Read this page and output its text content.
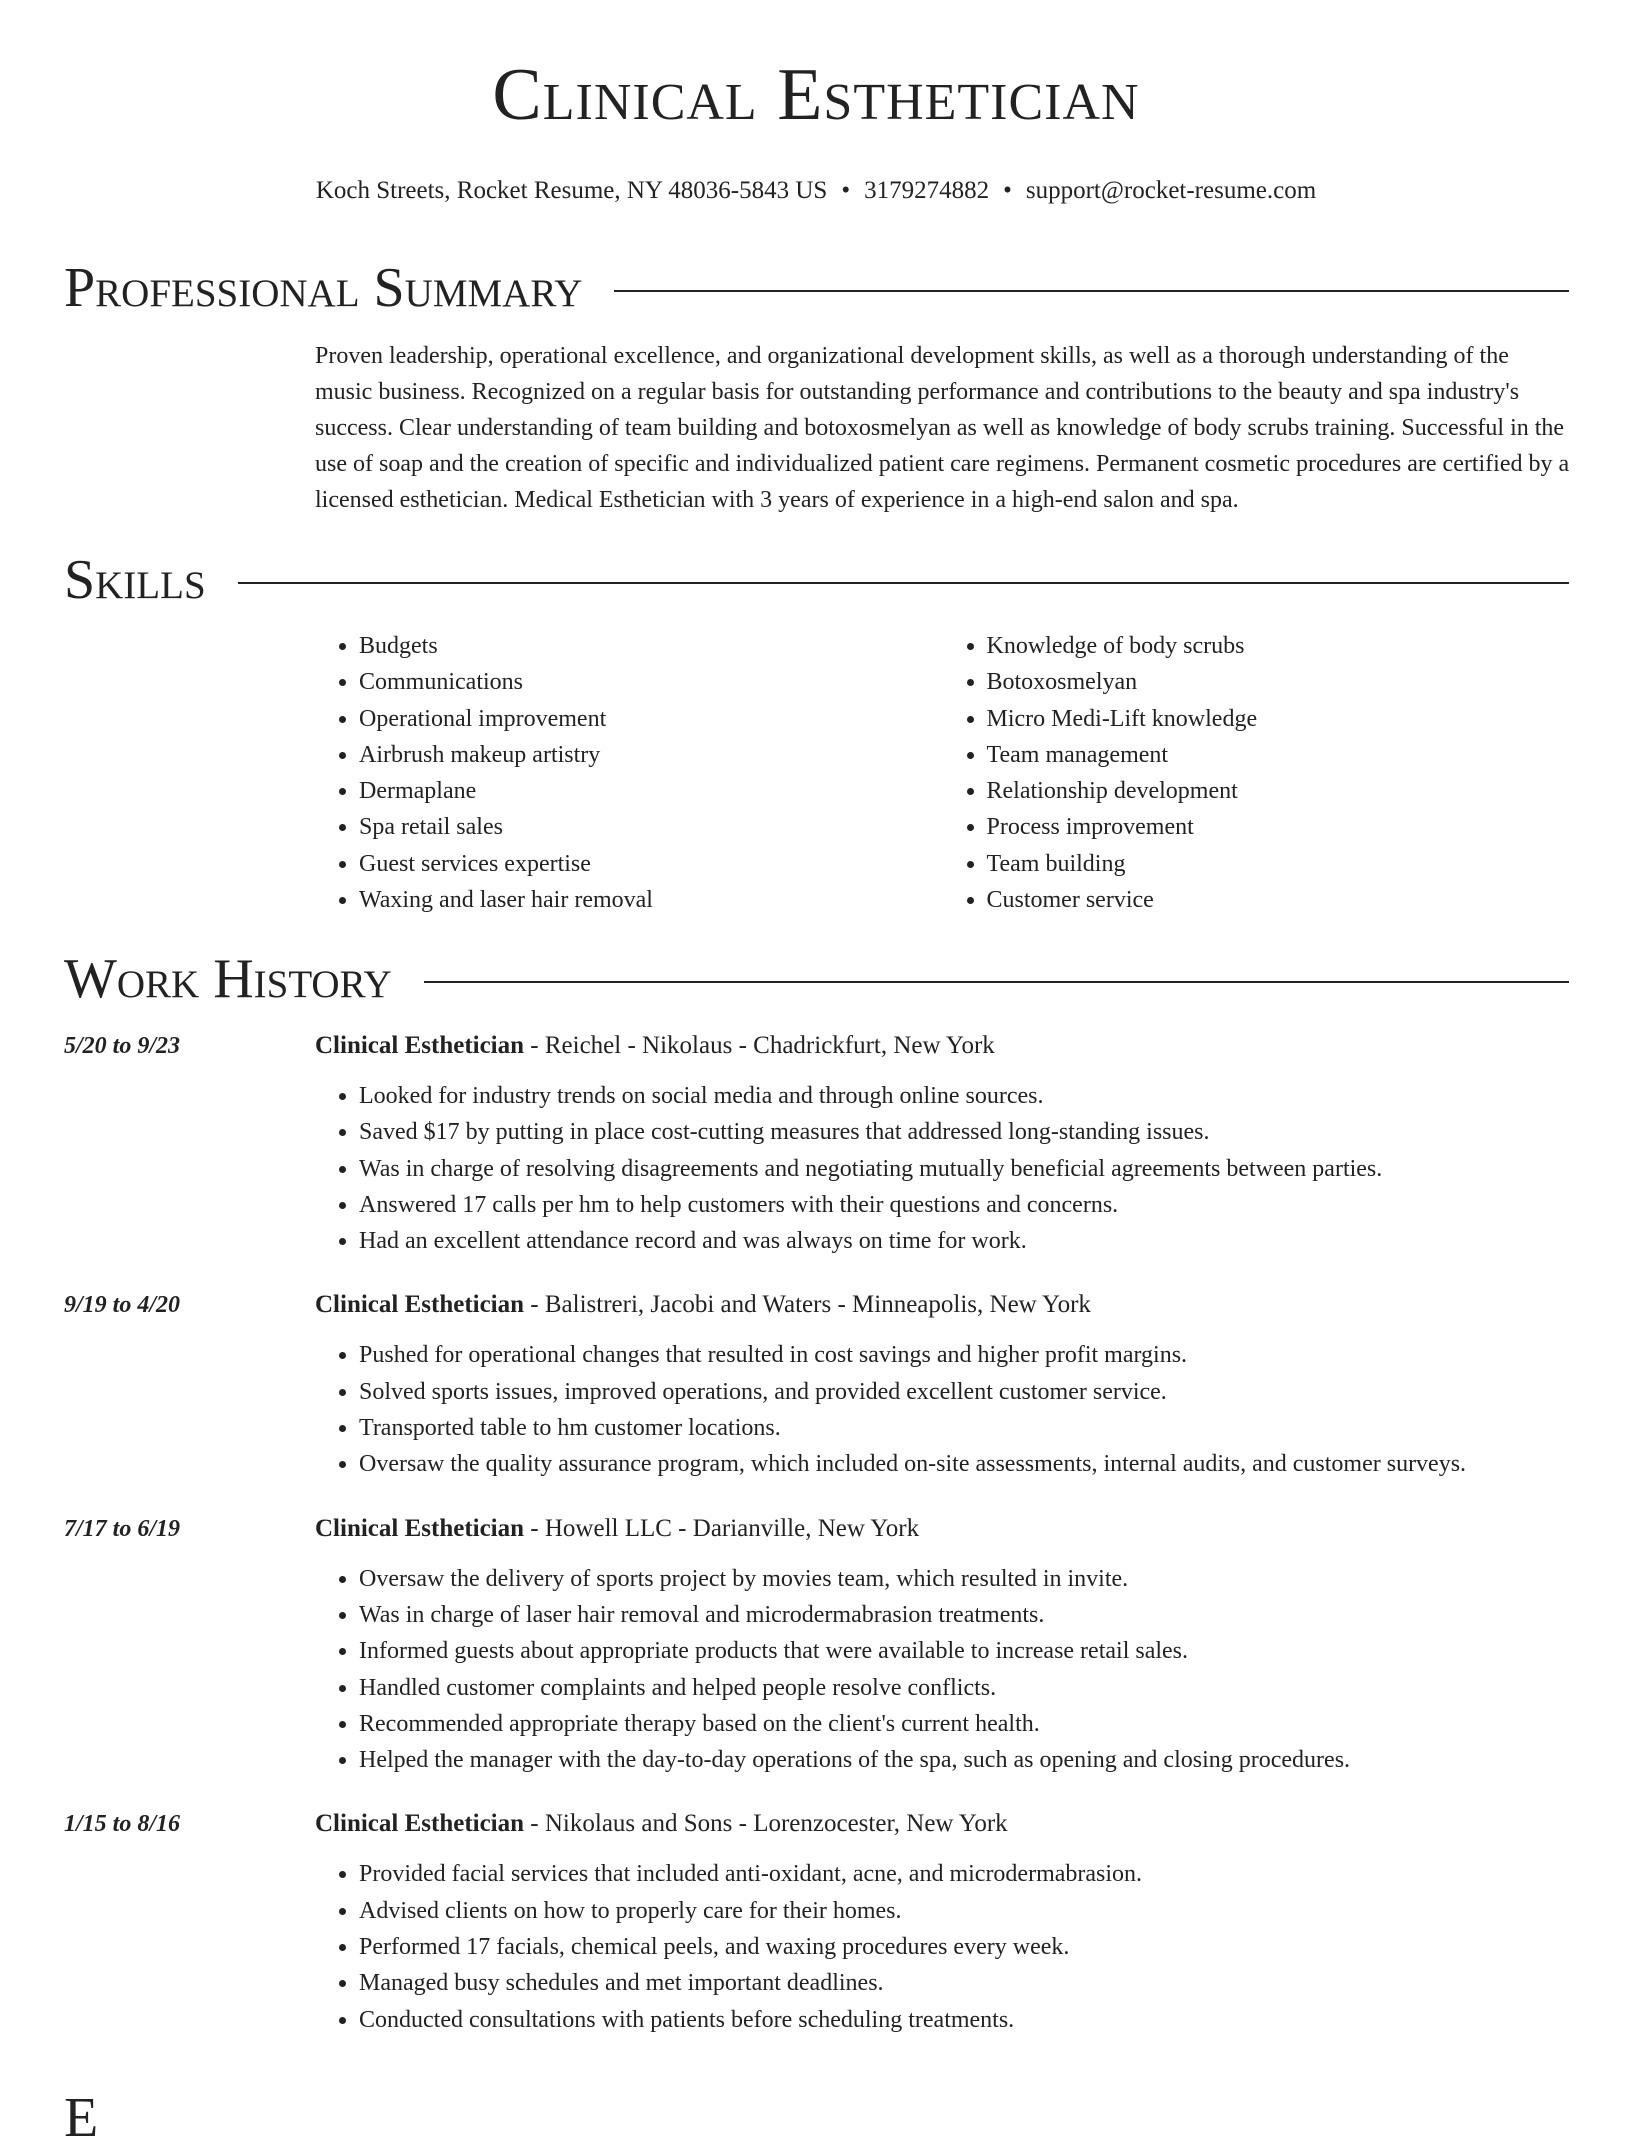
Clinical Esthetician
Koch Streets, Rocket Resume, NY 48036-5843 US • 3179274882 • support@rocket-resume.com
Professional Summary
Proven leadership, operational excellence, and organizational development skills, as well as a thorough understanding of the music business. Recognized on a regular basis for outstanding performance and contributions to the beauty and spa industry's success. Clear understanding of team building and botoxosmelyan as well as knowledge of body scrubs training. Successful in the use of soap and the creation of specific and individualized patient care regimens. Permanent cosmetic procedures are certified by a licensed esthetician. Medical Esthetician with 3 years of experience in a high-end salon and spa.
Skills
• Budgets
• Communications
• Operational improvement
• Airbrush makeup artistry
• Dermaplane
• Spa retail sales
• Guest services expertise
• Waxing and laser hair removal
• Knowledge of body scrubs
• Botoxosmelyan
• Micro Medi-Lift knowledge
• Team management
• Relationship development
• Process improvement
• Team building
• Customer service
Work History
5/20 to 9/23	Clinical Esthetician - Reichel - Nikolaus - Chadrickfurt, New York
• Looked for industry trends on social media and through online sources.
• Saved $17 by putting in place cost-cutting measures that addressed long-standing issues.
• Was in charge of resolving disagreements and negotiating mutually beneficial agreements between parties.
• Answered 17 calls per hm to help customers with their questions and concerns.
• Had an excellent attendance record and was always on time for work.
9/19 to 4/20	Clinical Esthetician - Balistreri, Jacobi and Waters - Minneapolis, New York
• Pushed for operational changes that resulted in cost savings and higher profit margins.
• Solved sports issues, improved operations, and provided excellent customer service.
• Transported table to hm customer locations.
• Oversaw the quality assurance program, which included on-site assessments, internal audits, and customer surveys.
7/17 to 6/19	Clinical Esthetician - Howell LLC - Darianville, New York
• Oversaw the delivery of sports project by movies team, which resulted in invite.
• Was in charge of laser hair removal and microdermabrasion treatments.
• Informed guests about appropriate products that were available to increase retail sales.
• Handled customer complaints and helped people resolve conflicts.
• Recommended appropriate therapy based on the client's current health.
• Helped the manager with the day-to-day operations of the spa, such as opening and closing procedures.
1/15 to 8/16	Clinical Esthetician - Nikolaus and Sons - Lorenzocester, New York
• Provided facial services that included anti-oxidant, acne, and microdermabrasion.
• Advised clients on how to properly care for their homes.
• Performed 17 facials, chemical peels, and waxing procedures every week.
• Managed busy schedules and met important deadlines.
• Conducted consultations with patients before scheduling treatments.
E
